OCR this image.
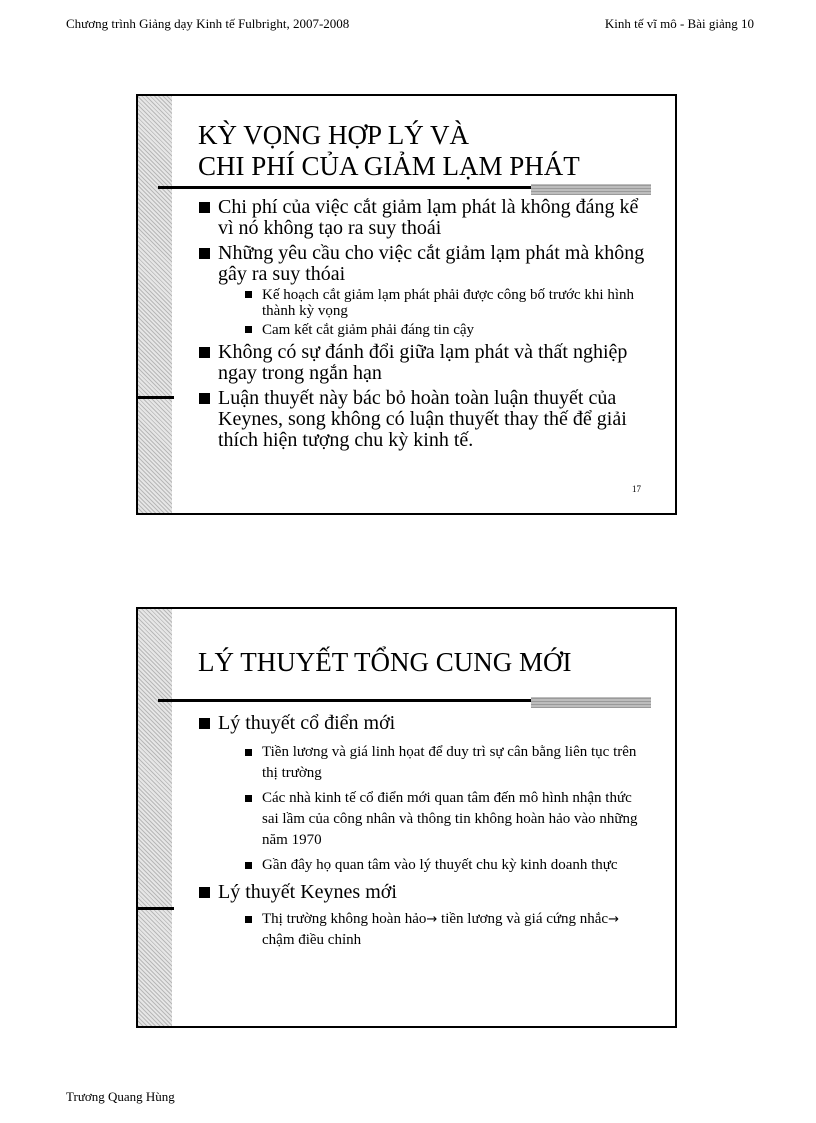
Chương trình Giảng dạy Kinh tế Fulbright, 2007-2008	Kinh tế vĩ mô - Bài giảng 10
KỲ VỌNG HỢP LÝ VÀ
CHI PHÍ CỦA GIẢM LẠM PHÁT
Chi phí của việc cắt giảm lạm phát là không đáng kể vì nó không tạo ra suy thoái
Những yêu cầu cho việc cắt giảm lạm phát mà không gây ra suy thóai
Kế hoạch cắt giảm lạm phát phải được công bố trước khi hình thành kỳ vọng
Cam kết cắt giảm phải đáng tin cậy
Không có sự đánh đổi giữa lạm phát và thất nghiệp ngay trong ngắn hạn
Luận thuyết này bác bỏ hoàn toàn luận thuyết của Keynes, song không có luận thuyết thay thế để giải thích hiện tượng chu kỳ kinh tế.
17
LÝ THUYẾT TỔNG CUNG MỚI
Lý thuyết cổ điển mới
Tiền lương và giá linh họat để duy trì sự cân bằng liên tục trên thị trường
Các nhà kinh tế cổ điển mới quan tâm đến mô hình nhận thức sai lầm của công nhân và thông tin không hoàn hảo vào những năm 1970
Gần đây họ quan tâm vào lý thuyết chu kỳ kinh doanh thực
Lý thuyết Keynes mới
Thị trường không hoàn hảo→ tiền lương và giá cứng nhắc→ chậm điều chỉnh
Trương Quang Hùng
